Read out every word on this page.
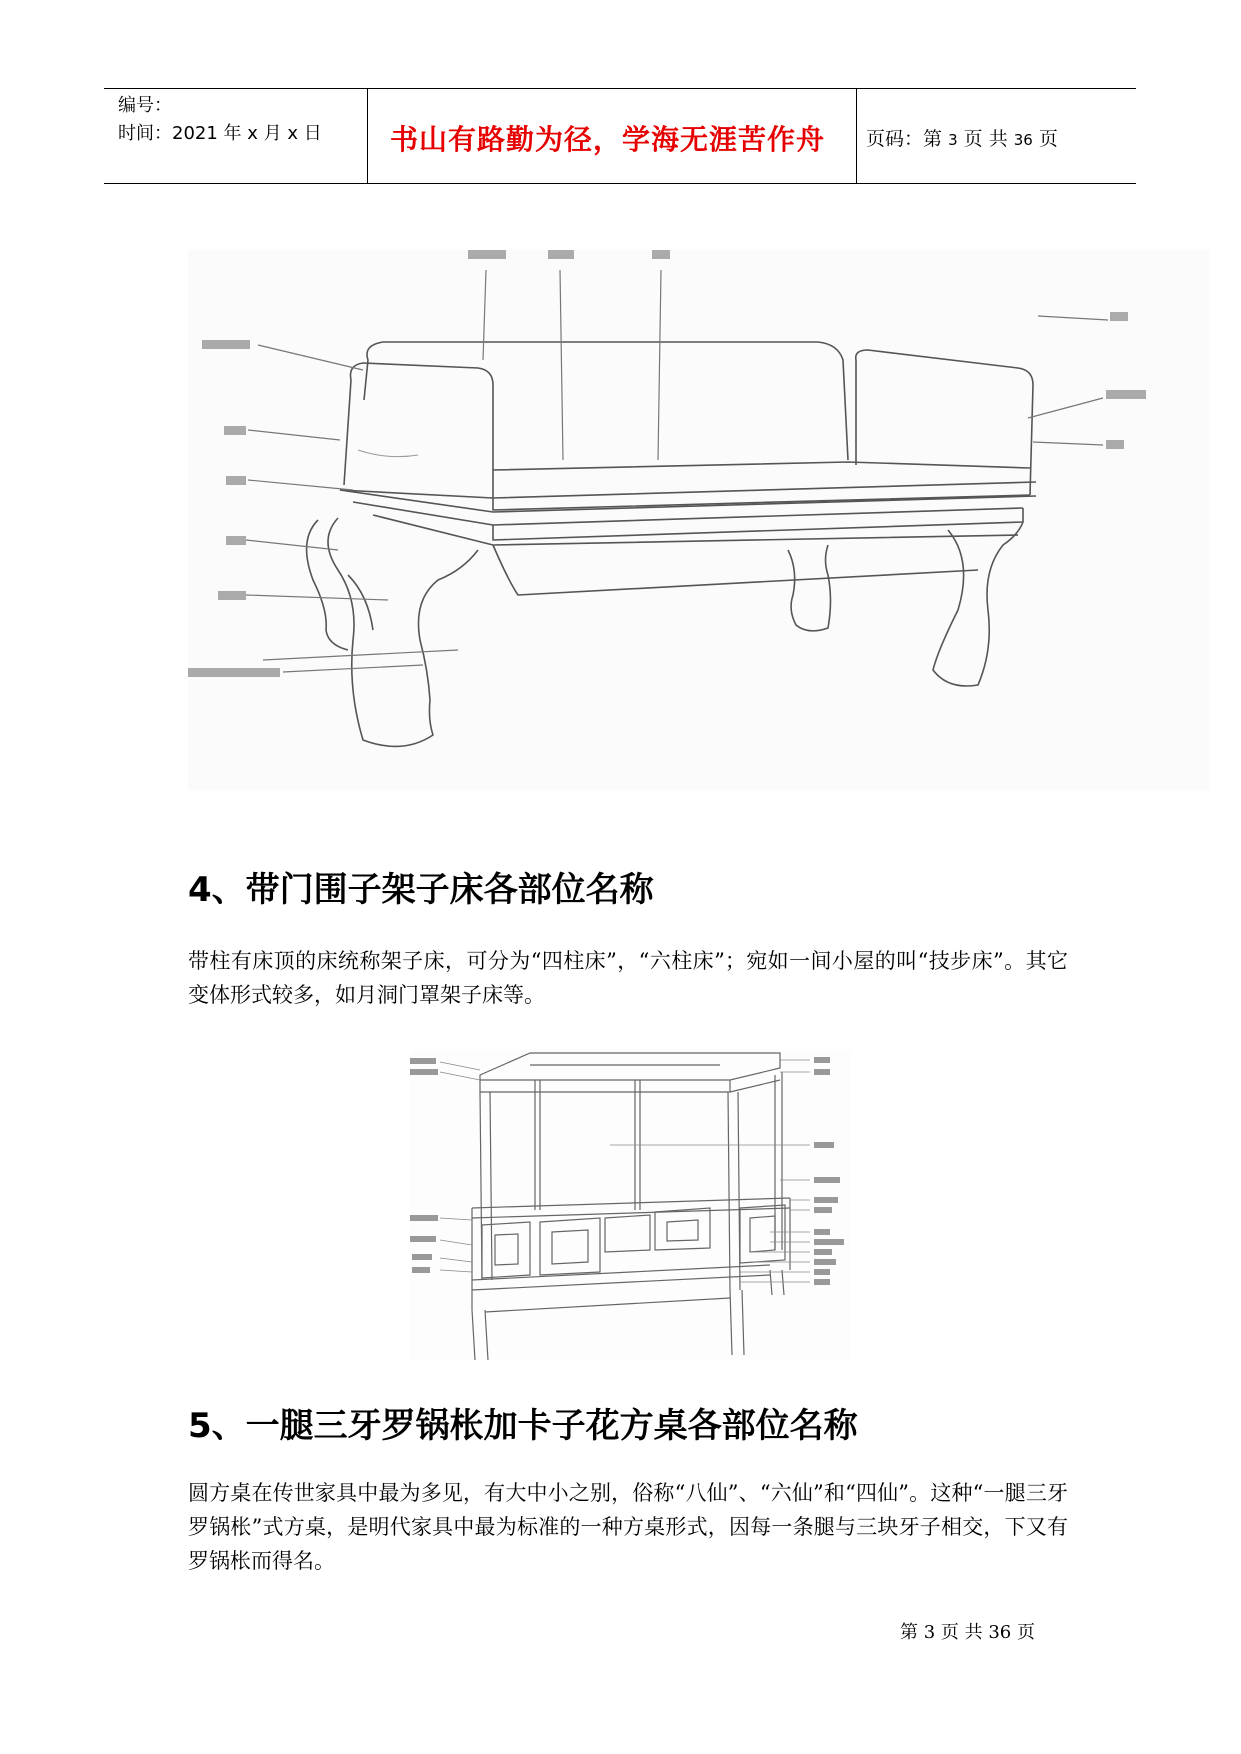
编号：
时间：2021 年 x 月 x 日 书山有路勤为径，学海无涯苦作舟 页码：第 3 页 共 36 页
4、带门围子架子床各部位名称

带柱有床顶的床统称架子床，可分为“四柱床”，“六柱床”；宛如一间小屋的叫“技步床”。其它变体形式较多，如月洞门罩架子床等。

5、一腿三牙罗锅枨加卡子花方桌各部位名称

圆方桌在传世家具中最为多见，有大中小之别，俗称“八仙”、“六仙”和“四仙”。这种“一腿三牙罗锅枨”式方桌，是明代家具中最为标准的一种方桌形式，因每一条腿与三块牙子相交，下又有罗锅枨而得名。

第 3 页 共 36 页
